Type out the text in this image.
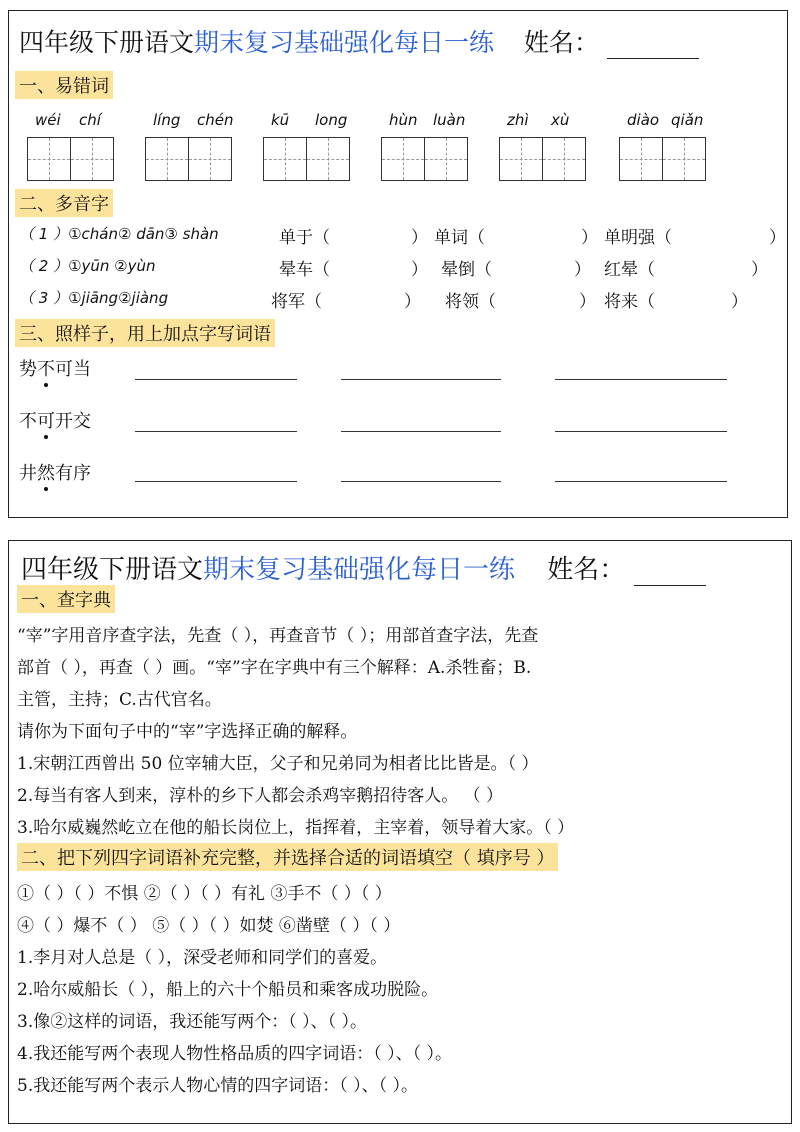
四年级下册语文期末复习基础强化每日一练 姓名：
一、易错词
wéi chí	líng chén	kū long	hùn luàn	zhì xù	diào qiǎn
二、多音字
（ 1 ）①chán② dān③ shàn	单于（	） 单词（	） 单明强（	）
（ 2 ）①yūn ②yùn	晕车（	） 晕倒（	） 红晕（	）
（ 3 ）①jiāng②jiàng	将军（	） 将领（	） 将来（	）
三、照样子，用上加点字写词语
势不可当
不可开交
井然有序
四年级下册语文期末复习基础强化每日一练 姓名：
一、查字典
“宰”字用音序查字法，先查（ ），再查音节（ ）；用部首查字法，先查
部首（ ），再查（ ）画。“宰”字在字典中有三个解释：A.杀牲畜；B.
主管，主持；C.古代官名。
请你为下面句子中的“宰”字选择正确的解释。
1.宋朝江西曾出 50 位宰辅大臣，父子和兄弟同为相者比比皆是。（ ）
2.每当有客人到来，淳朴的乡下人都会杀鸡宰鹅招待客人。 （ ）
3.哈尔威巍然屹立在他的船长岗位上，指挥着，主宰着，领导着大家。（ ）
二、把下列四字词语补充完整，并选择合适的词语填空（ 填序号 ）
①（ ）（ ）不惧 ②（ ）（ ）有礼 ③手不（ ）（ ）
④（ ）爆不（ ） ⑤（ ）（ ）如焚 ⑥凿壁（ ）（ ）
1.李月对人总是（ ），深受老师和同学们的喜爱。
2.哈尔威船长（ ），船上的六十个船员和乘客成功脱险。
3.像②这样的词语，我还能写两个：（ ）、（ ）。
4.我还能写两个表现人物性格品质的四字词语：（ ）、（ ）。
5.我还能写两个表示人物心情的四字词语：（ ）、（ ）。
